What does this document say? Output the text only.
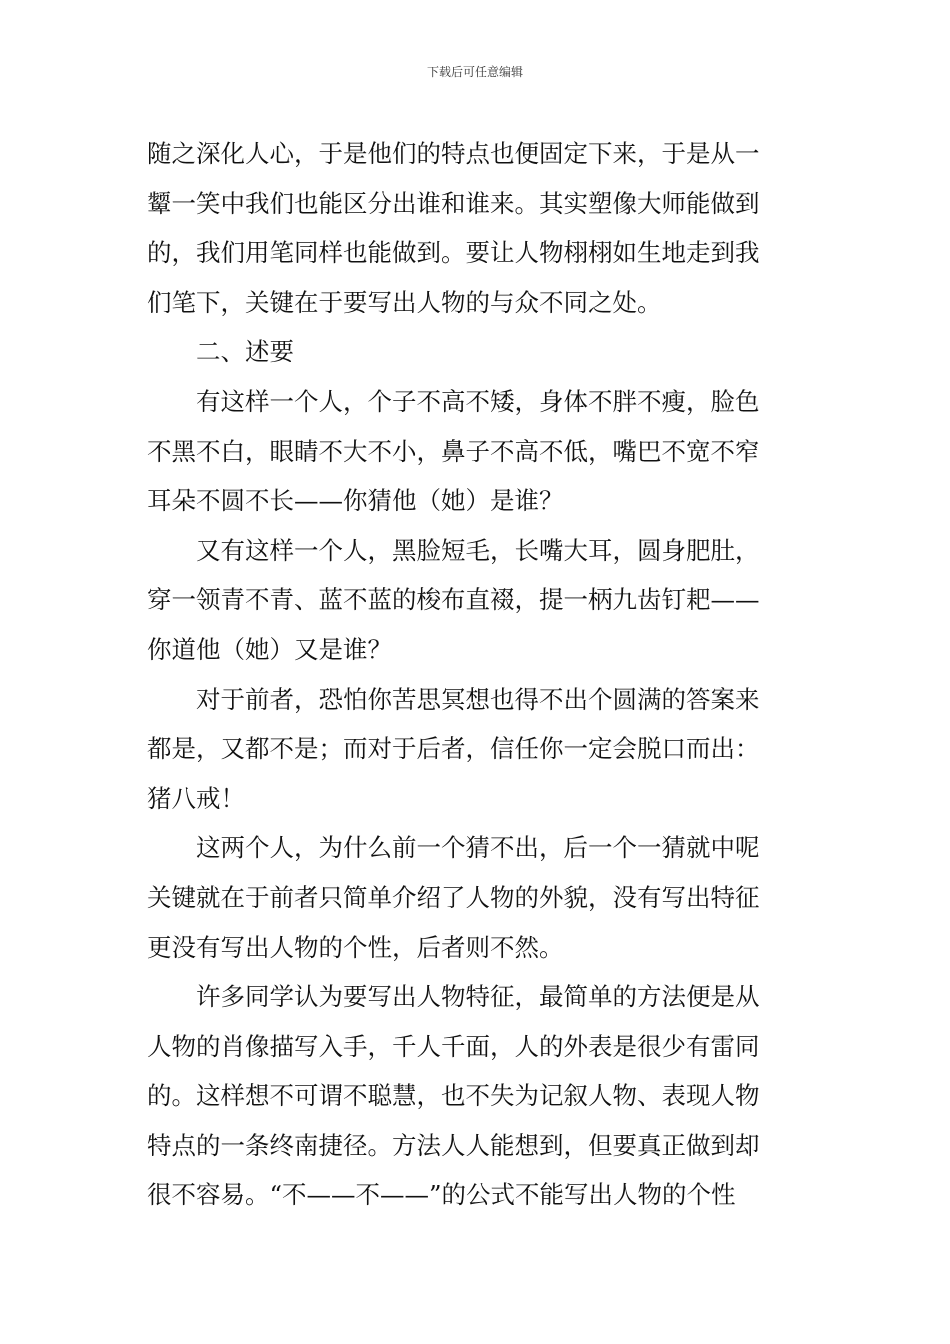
下载后可任意编辑
随之深化人心，于是他们的特点也便固定下来，于是从一
颦一笑中我们也能区分出谁和谁来。其实塑像大师能做到
的，我们用笔同样也能做到。要让人物栩栩如生地走到我
们笔下，关键在于要写出人物的与众不同之处。
二、述要
有这样一个人，个子不高不矮，身体不胖不瘦，脸色
不黑不白，眼睛不大不小，鼻子不高不低，嘴巴不宽不窄
耳朵不圆不长——你猜他（她）是谁？
又有这样一个人，黑脸短毛，长嘴大耳，圆身肥肚，
穿一领青不青、蓝不蓝的梭布直裰，提一柄九齿钉耙——
你道他（她）又是谁？
对于前者，恐怕你苦思冥想也得不出个圆满的答案来
都是，又都不是；而对于后者，信任你一定会脱口而出：
猪八戒！
这两个人，为什么前一个猜不出，后一个一猜就中呢
关键就在于前者只简单介绍了人物的外貌，没有写出特征
更没有写出人物的个性，后者则不然。
许多同学认为要写出人物特征，最简单的方法便是从
人物的肖像描写入手，千人千面，人的外表是很少有雷同
的。这样想不可谓不聪慧，也不失为记叙人物、表现人物
特点的一条终南捷径。方法人人能想到，但要真正做到却
很不容易。“不——不——”的公式不能写出人物的个性
